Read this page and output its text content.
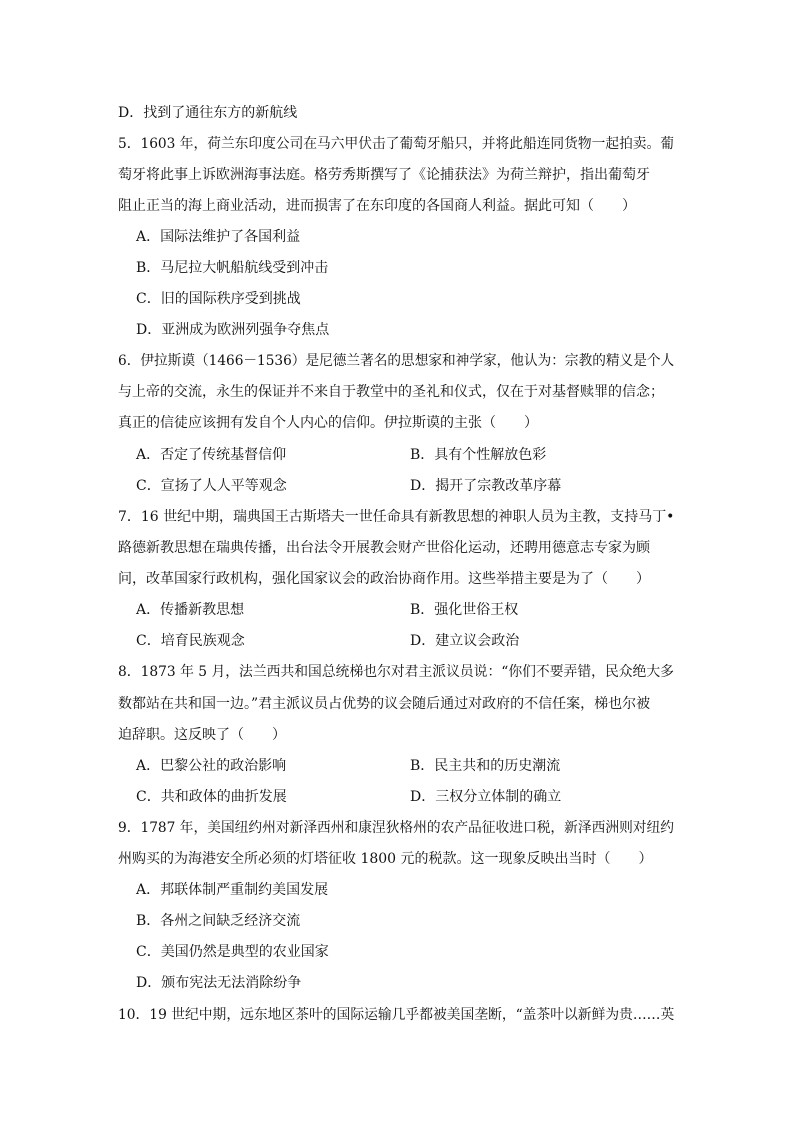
D．找到了通往东方的新航线
5．1603 年，荷兰东印度公司在马六甲伏击了葡萄牙船只，并将此船连同货物一起拍卖。葡
萄牙将此事上诉欧洲海事法庭。格劳秀斯撰写了《论捕获法》为荷兰辩护，指出葡萄牙
阻止正当的海上商业活动，进而损害了在东印度的各国商人利益。据此可知（　　）
A．国际法维护了各国利益
B．马尼拉大帆船航线受到冲击
C．旧的国际秩序受到挑战
D．亚洲成为欧洲列强争夺焦点
6．伊拉斯谟（1466－1536）是尼德兰著名的思想家和神学家，他认为：宗教的精义是个人
与上帝的交流，永生的保证并不来自于教堂中的圣礼和仪式，仅在于对基督赎罪的信念；
真正的信徒应该拥有发自个人内心的信仰。伊拉斯谟的主张（　　）
A．否定了传统基督信仰	B．具有个性解放色彩
C．宣扬了人人平等观念	D．揭开了宗教改革序幕
7．16 世纪中期，瑞典国王古斯塔夫一世任命具有新教思想的神职人员为主教，支持马丁•
路德新教思想在瑞典传播，出台法令开展教会财产世俗化运动，还聘用德意志专家为顾
问，改革国家行政机构，强化国家议会的政治协商作用。这些举措主要是为了（　　）
A．传播新教思想	B．强化世俗王权
C．培育民族观念	D．建立议会政治
8．1873 年 5 月，法兰西共和国总统梯也尔对君主派议员说：“你们不要弄错，民众绝大多
数都站在共和国一边。”君主派议员占优势的议会随后通过对政府的不信任案，梯也尔被
迫辞职。这反映了（　　）
A．巴黎公社的政治影响	B．民主共和的历史潮流
C．共和政体的曲折发展	D．三权分立体制的确立
9．1787 年，美国纽约州对新泽西州和康涅狄格州的农产品征收进口税，新泽西洲则对纽约
州购买的为海港安全所必须的灯塔征收 1800 元的税款。这一现象反映出当时（　　）
A．邦联体制严重制约美国发展
B．各州之间缺乏经济交流
C．美国仍然是典型的农业国家
D．颁布宪法无法消除纷争
10．19 世纪中期，远东地区茶叶的国际运输几乎都被美国垄断，“盖茶叶以新鲜为贵……英
